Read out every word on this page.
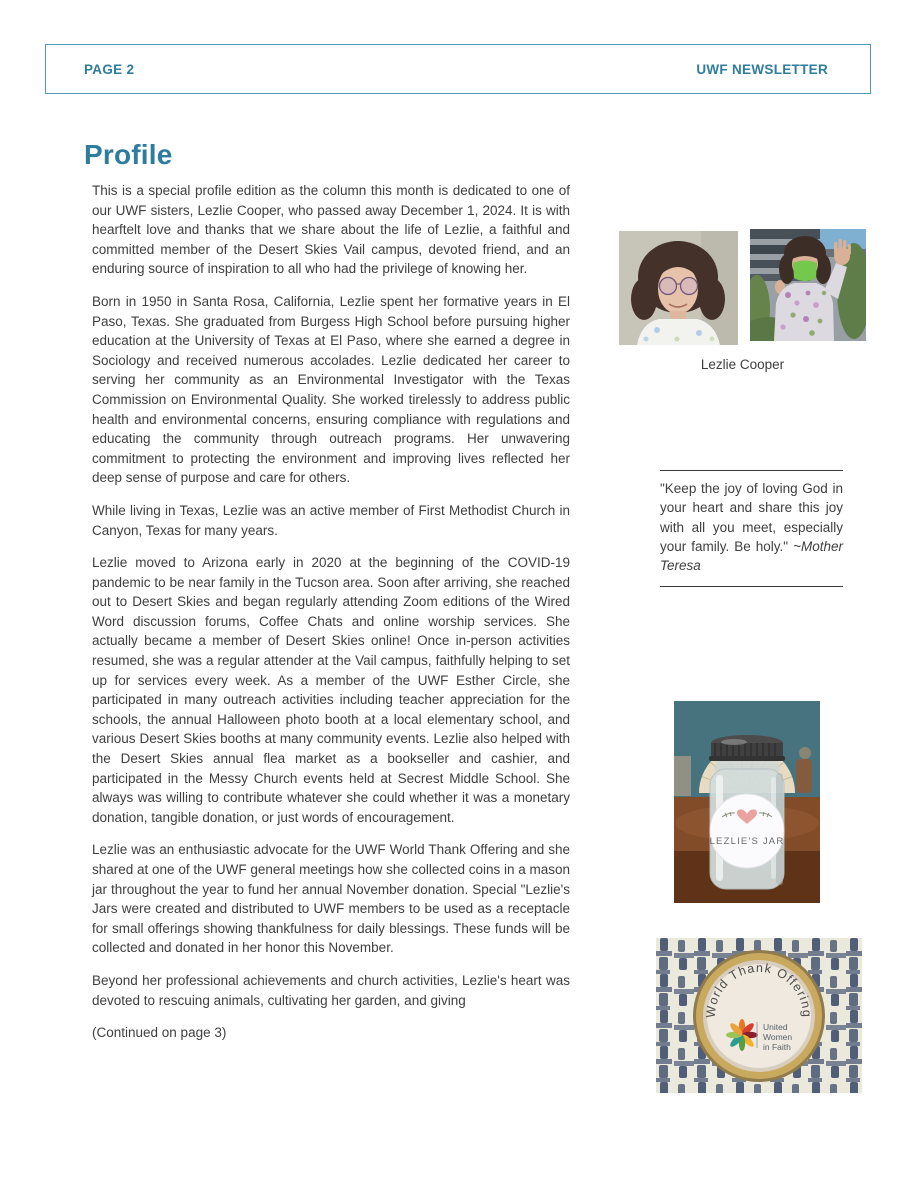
PAGE 2	UWF NEWSLETTER
Profile

This is a special profile edition as the column this month is dedicated to one of our UWF sisters, Lezlie Cooper, who passed away December 1, 2024. It is with hearftelt love and thanks that we share about the life of Lezlie, a faithful and committed member of the Desert Skies Vail campus, devoted friend, and an enduring source of inspiration to all who had the privilege of knowing her.

Born in 1950 in Santa Rosa, California, Lezlie spent her formative years in El Paso, Texas. She graduated from Burgess High School before pursuing higher education at the University of Texas at El Paso, where she earned a degree in Sociology and received numerous accolades. Lezlie dedicated her career to serving her community as an Environmental Investigator with the Texas Commission on Environmental Quality. She worked tirelessly to address public health and environmental concerns, ensuring compliance with regulations and educating the community through outreach programs. Her unwavering commitment to protecting the environment and improving lives reflected her deep sense of purpose and care for others.

While living in Texas, Lezlie was an active member of First Methodist Church in Canyon, Texas for many years.

Lezlie moved to Arizona early in 2020 at the beginning of the COVID-19 pandemic to be near family in the Tucson area. Soon after arriving, she reached out to Desert Skies and began regularly attending Zoom editions of the Wired Word discussion forums, Coffee Chats and online worship services. She actually became a member of Desert Skies online! Once in-person activities resumed, she was a regular attender at the Vail campus, faithfully helping to set up for services every week. As a member of the UWF Esther Circle, she participated in many outreach activities including teacher appreciation for the schools, the annual Halloween photo booth at a local elementary school, and various Desert Skies booths at many community events. Lezlie also helped with the Desert Skies annual flea market as a bookseller and cashier, and participated in the Messy Church events held at Secrest Middle School. She always was willing to contribute whatever she could whether it was a monetary donation, tangible donation, or just words of encouragement.

Lezlie was an enthusiastic advocate for the UWF World Thank Offering and she shared at one of the UWF general meetings how she collected coins in a mason jar throughout the year to fund her annual November donation. Special "Lezlie's Jars were created and distributed to UWF members to be used as a receptacle for small offerings showing thankfulness for daily blessings. These funds will be collected and donated in her honor this November.

Beyond her professional achievements and church activities, Lezlie's heart was devoted to rescuing animals, cultivating her garden, and giving

(Continued on page 3)

Lezlie Cooper
"Keep the joy of loving God in your heart and share this joy with all you meet, especially your family. Be holy." ~Mother Teresa
LEZLIE'S JAR
World Thank Offering
United
Women
in Faith
